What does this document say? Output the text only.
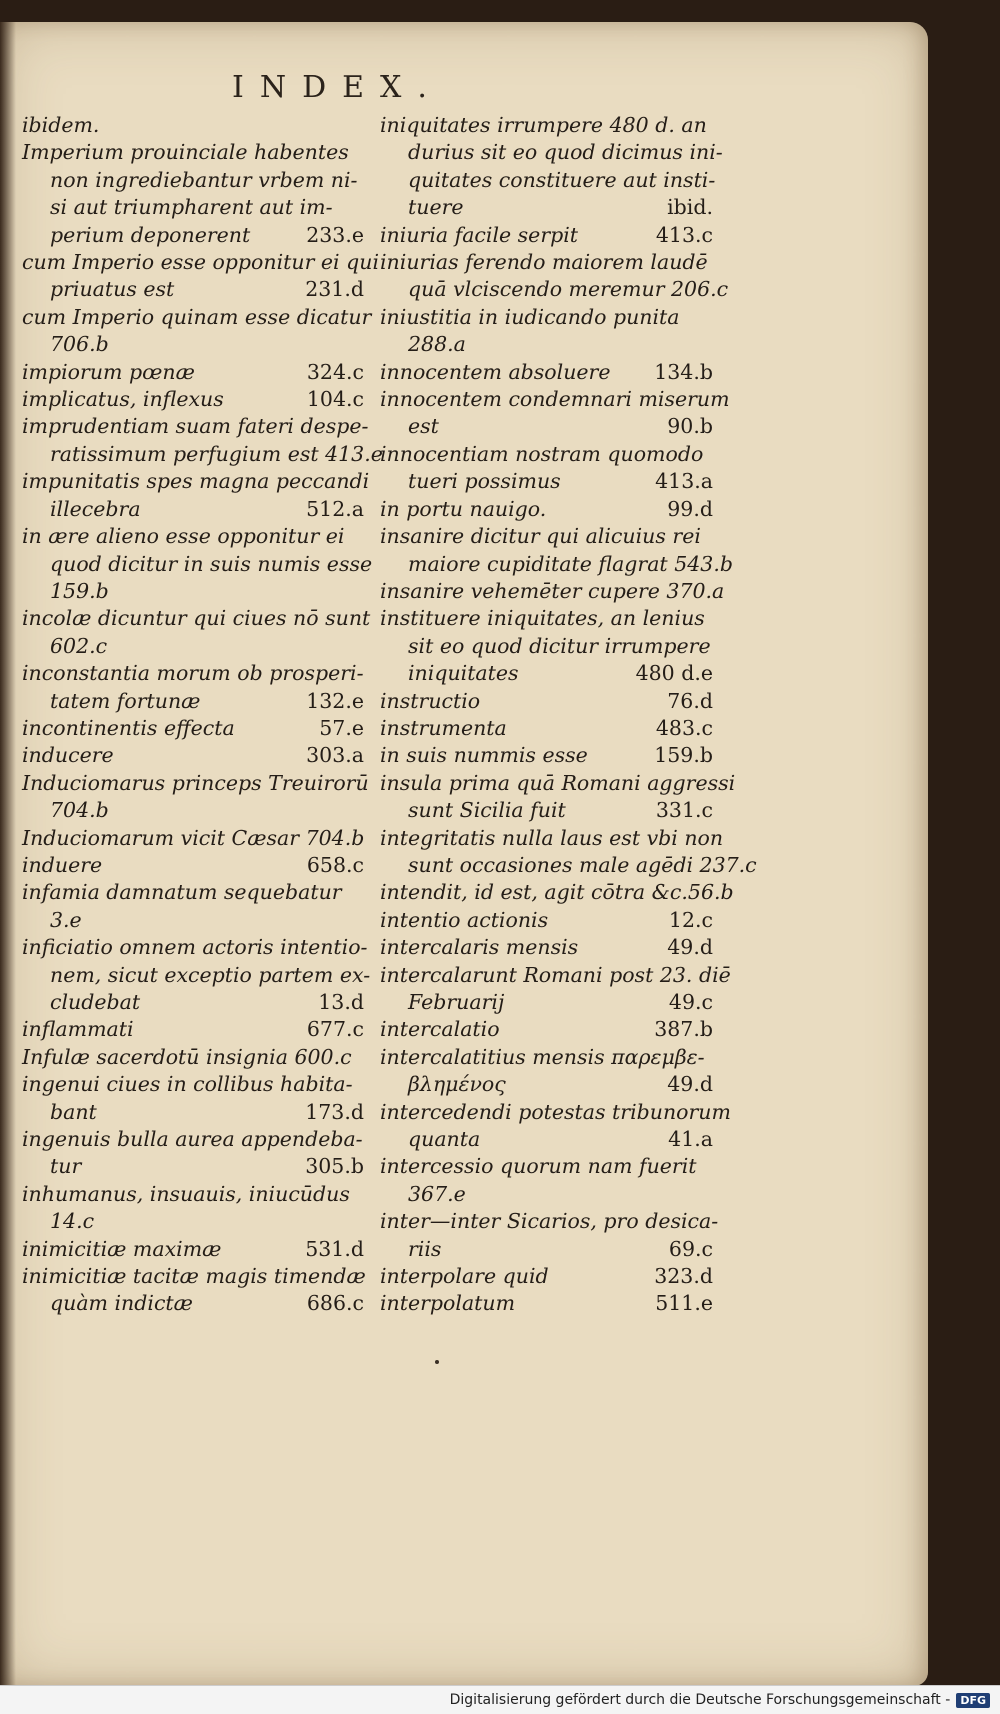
INDEX.
ibidem.
Imperium prouinciale habentes
non ingrediebantur vrbem ni-
si aut triumpharent aut im-
perium deponerent	233.e
cum Imperio esse opponitur ei qui
priuatus est	231.d
cum Imperio quinam esse dicatur
706.b
impiorum pœnæ	324.c
implicatus, inflexus	104.c
imprudentiam suam fateri despe-
ratissimum perfugium est 413.e
impunitatis spes magna peccandi
illecebra	512.a
in ære alieno esse opponitur ei
quod dicitur in suis numis esse
159.b
incolæ dicuntur qui ciues nō sunt
602.c
inconstantia morum ob prosperi-
tatem fortunæ	132.e
incontinentis effecta	57.e
inducere	303.a
Induciomarus princeps Treuirorū
704.b
Induciomarum vicit Cæsar 704.b
induere	658.c
infamia damnatum sequebatur
3.e
inficiatio omnem actoris intentio-
nem, sicut exceptio partem ex-
cludebat	13.d
inflammati	677.c
Infulæ sacerdotū insignia 600.c
ingenui ciues in collibus habita-
bant	173.d
ingenuis bulla aurea appendeba-
tur	305.b
inhumanus, insuauis, iniucūdus
14.c
inimicitiæ maximæ	531.d
inimicitiæ tacitæ magis timendæ
quàm indictæ	686.c
iniquitates irrumpere 480 d. an
durius sit eo quod dicimus ini-
quitates constituere aut insti-
tuere	ibid.
iniuria facile serpit	413.c
iniurias ferendo maiorem laudē
quā vlciscendo meremur 206.c
iniustitia in iudicando punita
288.a
innocentem absoluere 134.b
innocentem condemnari miserum
est	90.b
innocentiam nostram quomodo
tueri possimus	413.a
in portu nauigo.	99.d
insanire dicitur qui alicuius rei
maiore cupiditate flagrat 543.b
insanire vehemēter cupere 370.a
instituere iniquitates, an lenius
sit eo quod dicitur irrumpere
iniquitates	480 d.e
instructio	76.d
instrumenta	483.c
in suis nummis esse	159.b
insula prima quā Romani aggressi
sunt Sicilia fuit	331.c
integritatis nulla laus est vbi non
sunt occasiones male agēdi 237.c
intendit, id est, agit cōtra &c.56.b
intentio actionis	12.c
intercalaris mensis	49.d
intercalarunt Romani post 23. diē
Februarij	49.c
intercalatio	387.b
intercalatitius mensis παρεμβε-
βλημένος	49.d
intercedendi potestas tribunorum
quanta	41.a
intercessio quorum nam fuerit
367.e
inter—inter Sicarios, pro desica-
riis	69.c
interpolare quid	323.d
interpolatum	511.e
Digitalisierung gefördert durch die Deutsche Forschungsgemeinschaft - DFG
